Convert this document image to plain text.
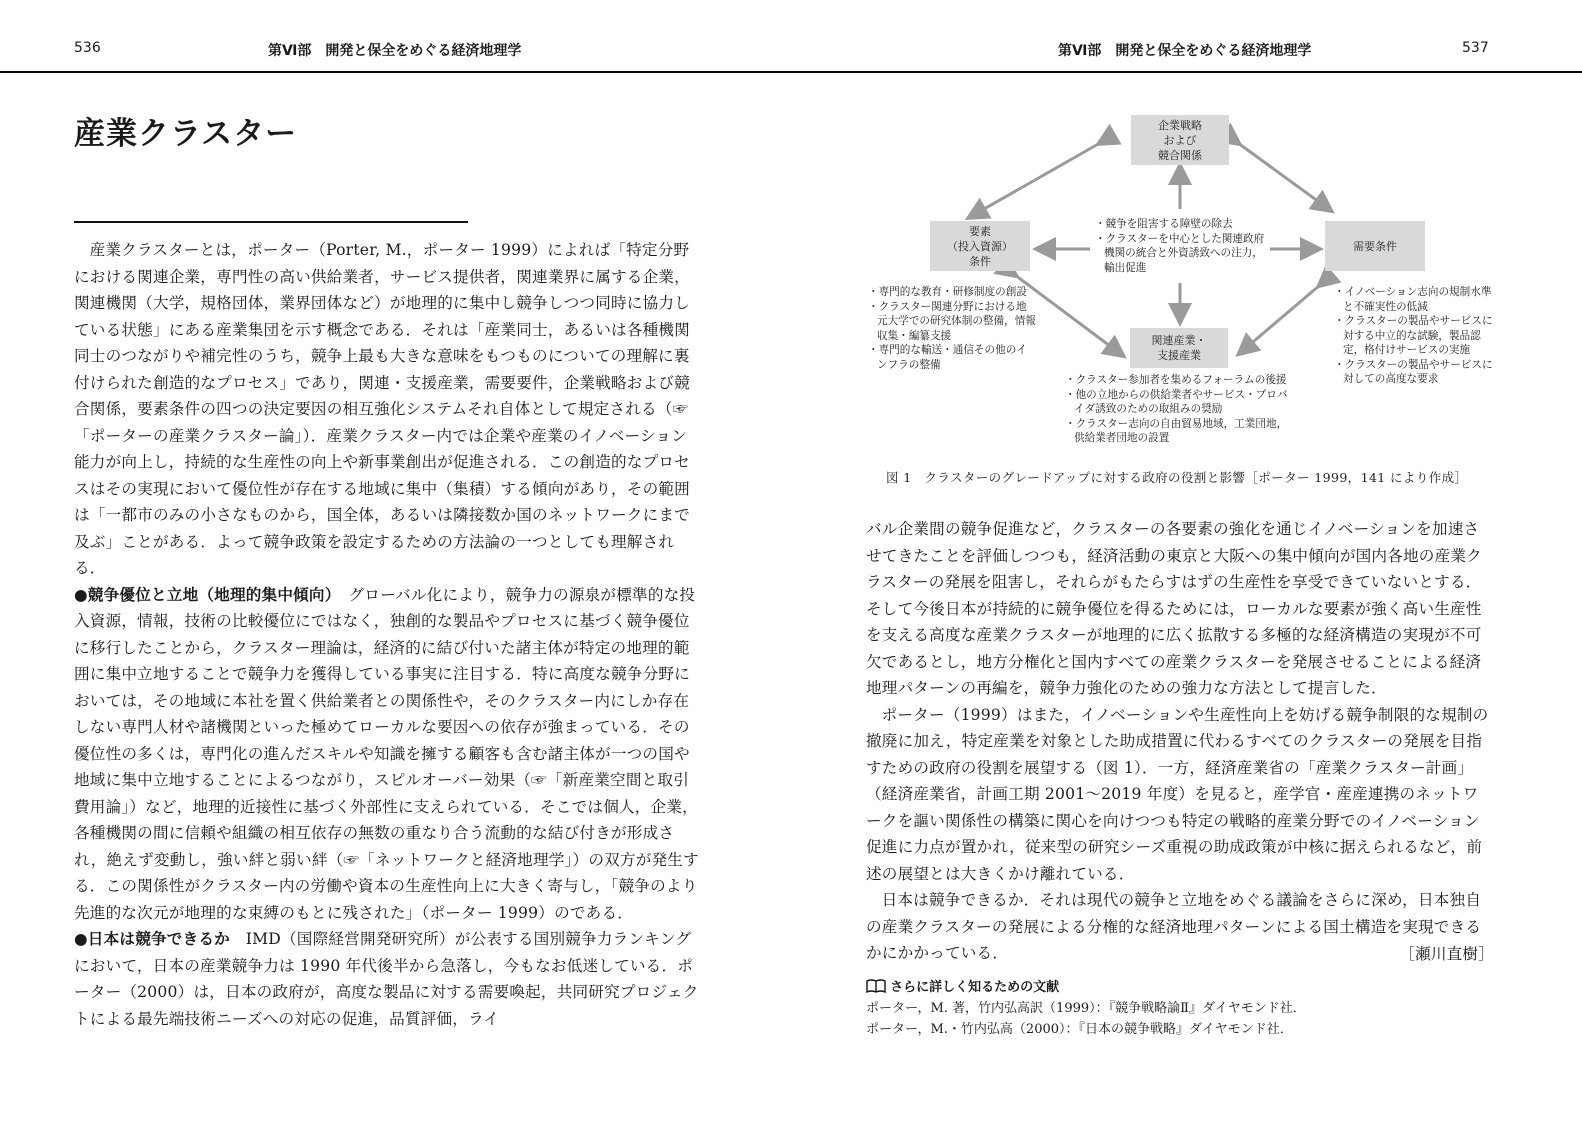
536	第Ⅵ部　開発と保全をめぐる経済地理学	第Ⅵ部　開発と保全をめぐる経済地理学	537
産業クラスター

産業クラスターとは，ポーター（Porter, M.，ポーター 1999）によれば「特定分野における関連企業，専門性の高い供給業者，サービス提供者，関連業界に属する企業，関連機関（大学，規格団体，業界団体など）が地理的に集中し競争しつつ同時に協力している状態」にある産業集団を示す概念である．それは「産業同士，あるいは各種機関同士のつながりや補完性のうち，競争上最も大きな意味をもつものについての理解に裏付けられた創造的なプロセス」であり，関連・支援産業，需要要件，企業戦略および競合関係，要素条件の四つの決定要因の相互強化システムそれ自体として規定される（☞「ポーターの産業クラスター論」）．産業クラスター内では企業や産業のイノベーション能力が向上し，持続的な生産性の向上や新事業創出が促進される．この創造的なプロセスはその実現において優位性が存在する地域に集中（集積）する傾向があり，その範囲は「一都市のみの小さなものから，国全体，あるいは隣接数か国のネットワークにまで及ぶ」ことがある．よって競争政策を設定するための方法論の一つとしても理解される．

●競争優位と立地（地理的集中傾向）　グローバル化により，競争力の源泉が標準的な投入資源，情報，技術の比較優位にではなく，独創的な製品やプロセスに基づく競争優位に移行したことから，クラスター理論は，経済的に結び付いた諸主体が特定の地理的範囲に集中立地することで競争力を獲得している事実に注目する．特に高度な競争分野においては，その地域に本社を置く供給業者との関係性や，そのクラスター内にしか存在しない専門人材や諸機関といった極めてローカルな要因への依存が強まっている．その優位性の多くは，専門化の進んだスキルや知識を擁する顧客も含む諸主体が一つの国や地域に集中立地することによるつながり，スピルオーバー効果（☞「新産業空間と取引費用論」）など，地理的近接性に基づく外部性に支えられている．そこでは個人，企業，各種機関の間に信頼や組織の相互依存の無数の重なり合う流動的な結び付きが形成され，絶えず変動し，強い絆と弱い絆（☞「ネットワークと経済地理学」）の双方が発生する．この関係性がクラスター内の労働や資本の生産性向上に大きく寄与し，「競争のより先進的な次元が地理的な束縛のもとに残された」（ポーター 1999）のである．

●日本は競争できるか　IMD（国際経営開発研究所）が公表する国別競争力ランキングにおいて，日本の産業競争力は 1990 年代後半から急落し，今もなお低迷している．ポーター（2000）は，日本の政府が，高度な製品に対する需要喚起，共同研究プロジェクトによる最先端技術ニーズへの対応の促進，品質評価，ライ

企業戦略
および
競合関係
要素
（投入資源）
条件
需要条件
関連産業・
支援産業
・競争を阻害する障壁の除去
・クラスターを中心とした関連政府機関の統合と外資誘致への注力，輸出促進
・専門的な教育・研修制度の創設
・クラスター関連分野における地元大学での研究体制の整備，情報収集・編纂支援
・専門的な輸送・通信その他のインフラの整備
・イノベーション志向の規制水準と不確実性の低減
・クラスターの製品やサービスに対する中立的な試験，製品認定，格付けサービスの実施
・クラスターの製品やサービスに対しての高度な要求
・クラスター参加者を集めるフォーラムの後援
・他の立地からの供給業者やサービス・プロバイダ誘致のための取組みの奨励
・クラスター志向の自由貿易地域，工業団地，供給業者団地の設置
図 1　クラスターのグレードアップに対する政府の役割と影響［ポーター 1999，141 により作成］

バル企業間の競争促進など，クラスターの各要素の強化を通じイノベーションを加速させてきたことを評価しつつも，経済活動の東京と大阪への集中傾向が国内各地の産業クラスターの発展を阻害し，それらがもたらすはずの生産性を享受できていないとする．そして今後日本が持続的に競争優位を得るためには，ローカルな要素が強く高い生産性を支える高度な産業クラスターが地理的に広く拡散する多極的な経済構造の実現が不可欠であるとし，地方分権化と国内すべての産業クラスターを発展させることによる経済地理パターンの再編を，競争力強化のための強力な方法として提言した．

ポーター（1999）はまた，イノベーションや生産性向上を妨げる競争制限的な規制の撤廃に加え，特定産業を対象とした助成措置に代わるすべてのクラスターの発展を目指すための政府の役割を展望する（図 1）．一方，経済産業省の「産業クラスター計画」（経済産業省，計画工期 2001〜2019 年度）を見ると，産学官・産産連携のネットワークを謳い関係性の構築に関心を向けつつも特定の戦略的産業分野でのイノベーション促進に力点が置かれ，従来型の研究シーズ重視の助成政策が中核に据えられるなど，前述の展望とは大きくかけ離れている．

日本は競争できるか．それは現代の競争と立地をめぐる議論をさらに深め，日本独自の産業クラスターの発展による分権的な経済地理パターンによる国土構造を実現できるかにかかっている．	［瀬川直樹］
さらに詳しく知るための文献
ポーター，M. 著，竹内弘高訳（1999）：『競争戦略論Ⅱ』ダイヤモンド社．
ポーター，M.・竹内弘高（2000）：『日本の競争戦略』ダイヤモンド社．
